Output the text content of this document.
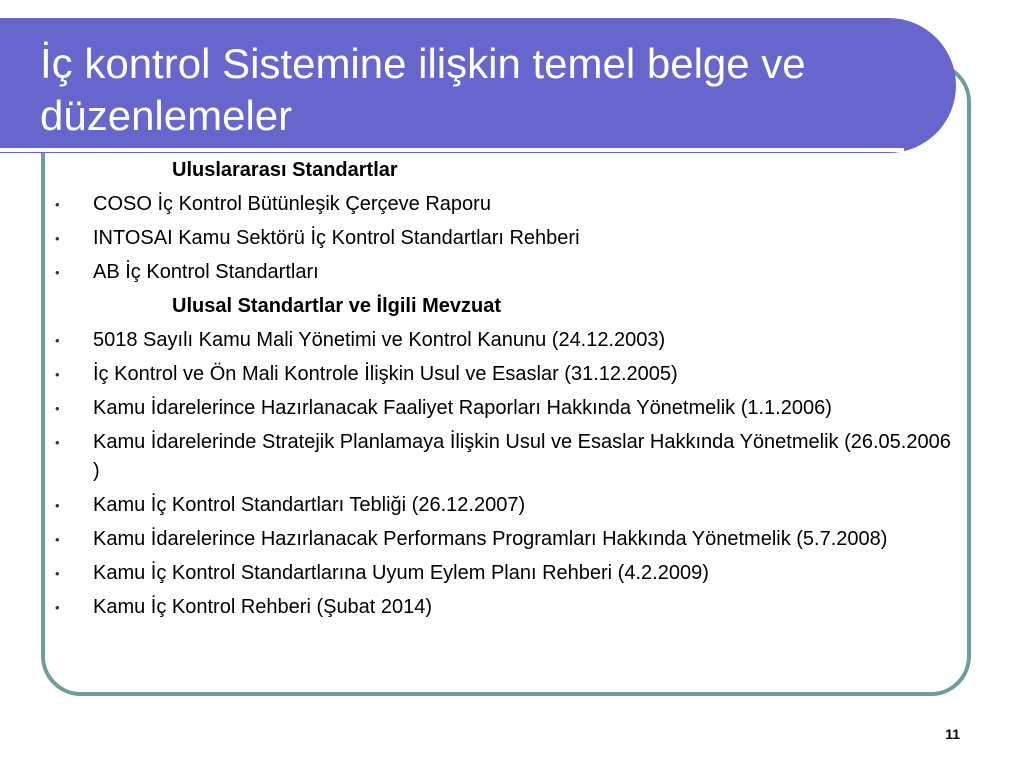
İç kontrol Sistemine ilişkin temel belge ve düzenlemeler
Uluslararası Standartlar
• COSO İç Kontrol Bütünleşik Çerçeve Raporu
• INTOSAI Kamu Sektörü İç Kontrol Standartları Rehberi
• AB İç Kontrol Standartları
Ulusal Standartlar ve İlgili Mevzuat
• 5018 Sayılı Kamu Mali Yönetimi ve Kontrol Kanunu (24.12.2003)
• İç Kontrol ve Ön Mali Kontrole İlişkin Usul ve Esaslar (31.12.2005)
• Kamu İdarelerince Hazırlanacak Faaliyet Raporları Hakkında Yönetmelik (1.1.2006)
• Kamu İdarelerinde Stratejik Planlamaya İlişkin Usul ve Esaslar Hakkında Yönetmelik (26.05.2006 )
• Kamu İç Kontrol Standartları Tebliği (26.12.2007)
• Kamu İdarelerince Hazırlanacak Performans Programları Hakkında Yönetmelik (5.7.2008)
• Kamu İç Kontrol Standartlarına Uyum Eylem Planı Rehberi (4.2.2009)
• Kamu İç Kontrol Rehberi (Şubat 2014)
11
